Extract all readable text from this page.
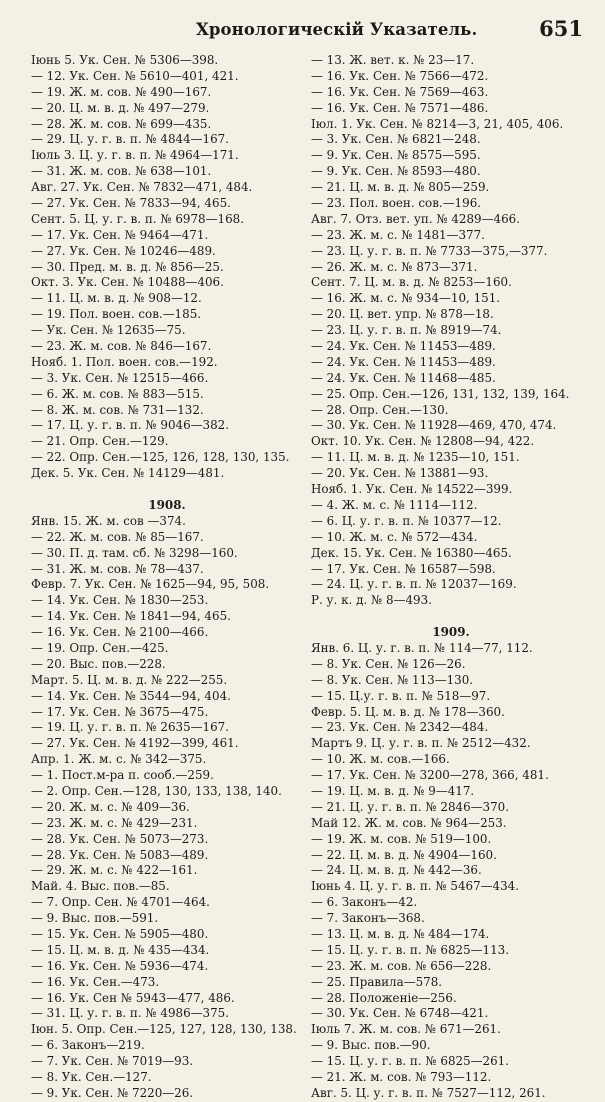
Хронологическiй Указатель.	651
Iюнь 5. Ук. Сен. № 5306—398.
— 12. Ук. Сен. № 5610—401, 421.
— 19. Ж. м. сов. № 490—167.
— 20. Ц. м. в. д. № 497—279.
— 28. Ж. м. сов. № 699—435.
— 29. Ц. у. г. в. п. № 4844—167.
Iюль 3. Ц. у. г. в. п. № 4964—171.
— 31. Ж. м. сов. № 638—101.
Авг. 27. Ук. Сен. № 7832—471, 484.
— 27. Ук. Сен. № 7833—94, 465.
Сент. 5. Ц. у. г. в. п. № 6978—168.
— 17. Ук. Сен. № 9464—471.
— 27. Ук. Сен. № 10246—489.
— 30. Пред. м. в. д. № 856—25.
Окт. 3. Ук. Сен. № 10488—406.
— 11. Ц. м. в. д. № 908—12.
— 19. Пол. воен. сов.—185.
— Ук. Сен. № 12635—75.
— 23. Ж. м. сов. № 846—167.
Нояб. 1. Пол. воен. сов.—192.
— 3. Ук. Сен. № 12515—466.
— 6. Ж. м. сов. № 883—515.
— 8. Ж. м. сов. № 731—132.
— 17. Ц. у. г. в. п. № 9046—382.
— 21. Опр. Сен.—129.
— 22. Опр. Сен.—125, 126, 128, 130, 135.
Дек. 5. Ук. Сен. № 14129—481.
1908.
Янв. 15. Ж. м. сов —374.
— 22. Ж. м. сов. № 85—167.
— 30. П. д. там. сб. № 3298—160.
— 31. Ж. м. сов. № 78—437.
Февр. 7. Ук. Сен. № 1625—94, 95, 508.
— 14. Ук. Сен. № 1830—253.
— 14. Ук. Сен. № 1841—94, 465.
— 16. Ук. Сен. № 2100—466.
— 19. Опр. Сен.—425.
— 20. Выс. пов.—228.
Март. 5. Ц. м. в. д. № 222—255.
— 14. Ук. Сен. № 3544—94, 404.
— 17. Ук. Сен. № 3675—475.
— 19. Ц. у. г. в. п. № 2635—167.
— 27. Ук. Сен. № 4192—399, 461.
Апр. 1. Ж. м. с. № 342—375.
— 1. Пост.м-ра п. сооб.—259.
— 2. Опр. Сен.—128, 130, 133, 138, 140.
— 20. Ж. м. с. № 409—36.
— 23. Ж. м. с. № 429—231.
— 28. Ук. Сен. № 5073—273.
— 28. Ук. Сен. № 5083—489.
— 29. Ж. м. с. № 422—161.
Май. 4. Выс. пов.—85.
— 7. Опр. Сен. № 4701—464.
— 9. Выс. пов.—591.
— 15. Ук. Сен. № 5905—480.
— 15. Ц. м. в. д. № 435—434.
— 16. Ук. Сен. № 5936—474.
— 16. Ук. Сен.—473.
— 16. Ук. Сен № 5943—477, 486.
— 31. Ц. у. г. в. п. № 4986—375.
Iюн. 5. Опр. Сен.—125, 127, 128, 130, 138.
— 6. Законъ—219.
— 7. Ук. Сен. № 7019—93.
— 8. Ук. Сен.—127.
— 9. Ук. Сен. № 7220—26.
— 13. Ж. вет. к. № 23—17.
— 16. Ук. Сен. № 7566—472.
— 16. Ук. Сен. № 7569—463.
— 16. Ук. Сен. № 7571—486.
Iюл. 1. Ук. Сен. № 8214—3, 21, 405, 406.
— 3. Ук. Сен. № 6821—248.
— 9. Ук. Сен. № 8575—595.
— 9. Ук. Сен. № 8593—480.
— 21. Ц. м. в. д. № 805—259.
— 23. Пол. воен. сов.—196.
Авг. 7. Отз. вет. уп. № 4289—466.
— 23. Ж. м. с. № 1481—377.
— 23. Ц. у. г. в. п. № 7733—375,—377.
— 26. Ж. м. с. № 873—371.
Сент. 7. Ц. м. в. д. № 8253—160.
— 16. Ж. м. с. № 934—10, 151.
— 20. Ц. вет. упр. № 878—18.
— 23. Ц. у. г. в. п. № 8919—74.
— 24. Ук. Сен. № 11453—489.
— 24. Ук. Сен. № 11453—489.
— 24. Ук. Сен. № 11468—485.
— 25. Опр. Сен.—126, 131, 132, 139, 164.
— 28. Опр. Сен.—130.
— 30. Ук. Сен. № 11928—469, 470, 474.
Окт. 10. Ук. Сен. № 12808—94, 422.
— 11. Ц. м. в. д. № 1235—10, 151.
— 20. Ук. Сен. № 13881—93.
Нояб. 1. Ук. Сен. № 14522—399.
— 4. Ж. м. с. № 1114—112.
— 6. Ц. у. г. в. п. № 10377—12.
— 10. Ж. м. с. № 572—434.
Дек. 15. Ук. Сен. № 16380—465.
— 17. Ук. Сен. № 16587—598.
— 24. Ц. у. г. в. п. № 12037—169.
Р. у. к. д. № 8—493.
1909.
Янв. 6. Ц. у. г. в. п. № 114—77, 112.
— 8. Ук. Сен. № 126—26.
— 8. Ук. Сен. № 113—130.
— 15. Ц.у. г. в. п. № 518—97.
Февр. 5. Ц. м. в. д. № 178—360.
— 23. Ук. Сен. № 2342—484.
Мартъ 9. Ц. у. г. в. п. № 2512—432.
— 10. Ж. м. сов.—166.
— 17. Ук. Сен. № 3200—278, 366, 481.
— 19. Ц. м. в. д. № 9—417.
— 21. Ц. у. г. в. п. № 2846—370.
Май 12. Ж. м. сов. № 964—253.
— 19. Ж. м. сов. № 519—100.
— 22. Ц. м. в. д. № 4904—160.
— 24. Ц. м. в. д. № 442—36.
Iюнь 4. Ц. у. г. в. п. № 5467—434.
— 6. Законъ—42.
— 7. Законъ—368.
— 13. Ц. м. в. д. № 484—174.
— 15. Ц. у. г. в. п. № 6825—113.
— 23. Ж. м. сов. № 656—228.
— 25. Правила—578.
— 28. Положенiе—256.
— 30. Ук. Сен. № 6748—421.
Iюль 7. Ж. м. сов. № 671—261.
— 9. Выс. пов.—90.
— 15. Ц. у. г. в. п. № 6825—261.
— 21. Ж. м. сов. № 793—112.
Авг. 5. Ц. у. г. в. п. № 7527—112, 261.
